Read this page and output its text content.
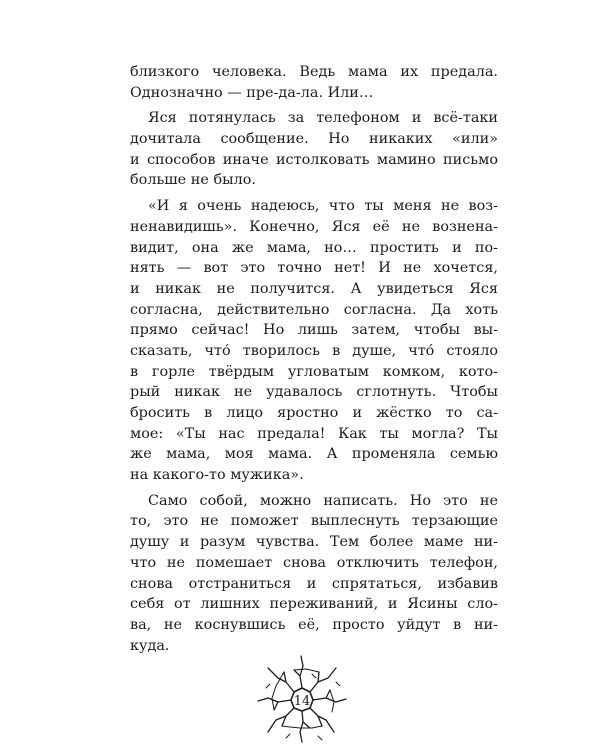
близкого человека. Ведь мама их предала.
Однозначно — пре-да-ла. Или…
Яся потянулась за телефоном и всё-таки
дочитала сообщение. Но никаких «или»
и способов иначе истолковать мамино письмо
больше не было.
«И я очень надеюсь, что ты меня не воз-
ненавидишь». Конечно, Яся её не возненa-
видит, она же мама, но… простить и по-
нять — вот это точно нет! И не хочется,
и никак не получится. А увидеться Яся
согласна, действительно согласна. Да хоть
прямо сейчас! Но лишь затем, чтобы вы-
сказать, что́ творилось в душе, что́ стояло
в горле твёрдым угловатым комком, кото-
рый никак не удавалось сглотнуть. Чтобы
бросить в лицо яростно и жёстко то са-
мое: «Ты нас предала! Как ты могла? Ты
же мама, моя мама. А променяла семью
на какого-то мужика».
Само собой, можно написать. Но это не
то, это не поможет выплеснуть терзающие
душу и разум чувства. Тем более маме ни-
что не помешает снова отключить телефон,
снова отстраниться и спрятаться, избавив
себя от лишних переживаний, и Ясины сло-
ва, не коснувшись её, просто уйдут в ни-
куда.
14
